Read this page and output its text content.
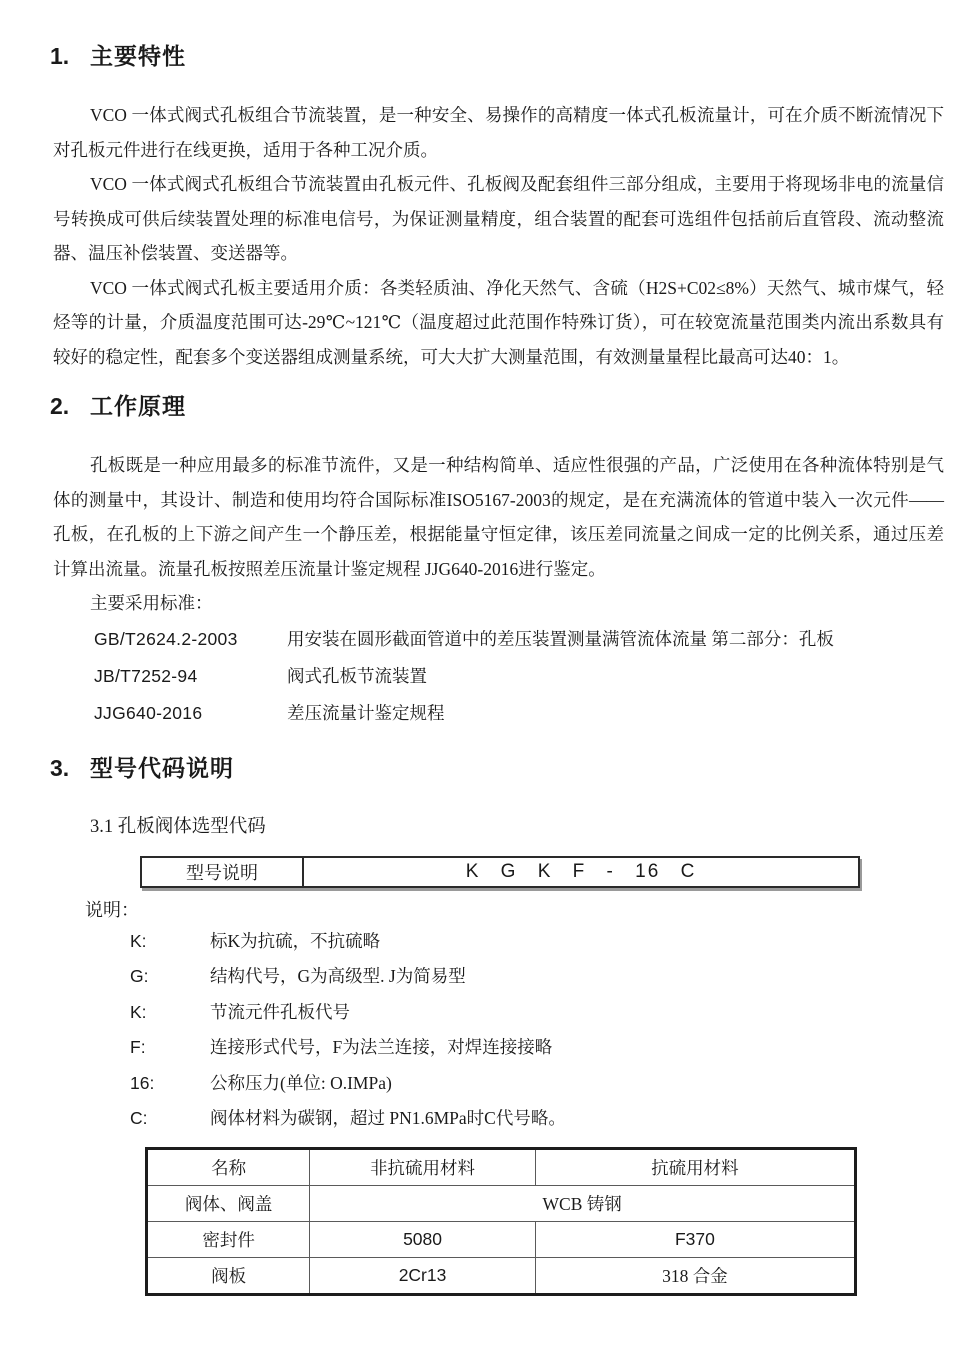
1. 主要特性

VCO 一体式阀式孔板组合节流装置，是一种安全、易操作的高精度一体式孔板流量计，可在介质不断流情况下对孔板元件进行在线更换，适用于各种工况介质。

VCO 一体式阀式孔板组合节流装置由孔板元件、孔板阀及配套组件三部分组成，主要用于将现场非电的流量信号转换成可供后续装置处理的标准电信号，为保证测量精度，组合装置的配套可选组件包括前后直管段、流动整流器、温压补偿装置、变送器等。

VCO 一体式阀式孔板主要适用介质：各类轻质油、净化天然气、含硫（H2S+C02≤8%）天然气、城市煤气，轻烃等的计量，介质温度范围可达-29℃~121℃（温度超过此范围作特殊订货），可在较宽流量范围类内流出系数具有较好的稳定性，配套多个变送器组成测量系统，可大大扩大测量范围，有效测量量程比最高可达40：1。

2. 工作原理

孔板既是一种应用最多的标准节流件，又是一种结构简单、适应性很强的产品，广泛使用在各种流体特别是气体的测量中，其设计、制造和使用均符合国际标准ISO5167-2003的规定，是在充满流体的管道中装入一次元件——孔板，在孔板的上下游之间产生一个静压差，根据能量守恒定律，该压差同流量之间成一定的比例关系，通过压差计算出流量。流量孔板按照差压流量计鉴定规程 JJG640-2016进行鉴定。

主要采用标准：
GB/T2624.2-2003	用安装在圆形截面管道中的差压装置测量满管流体流量 第二部分：孔板
JB/T7252-94	阀式孔板节流装置
JJG640-2016	差压流量计鉴定规程
3. 型号代码说明
3.1 孔板阀体选型代码
型号说明	K G K F - 16 C
说明：
K:	标K为抗硫，不抗硫略
G:	结构代号，G为高级型. J为简易型
K:	节流元件孔板代号
F:	连接形式代号，F为法兰连接，对焊连接接略
16:	公称压力(单位: O.IMPa)
C:	阀体材料为碳钢，超过 PN1.6MPa时C代号略。
名称	非抗硫用材料	抗硫用材料
阀体、阀盖	WCB 铸钢	
密封件	5080	F370
阀板	2Cr13	318 合金
